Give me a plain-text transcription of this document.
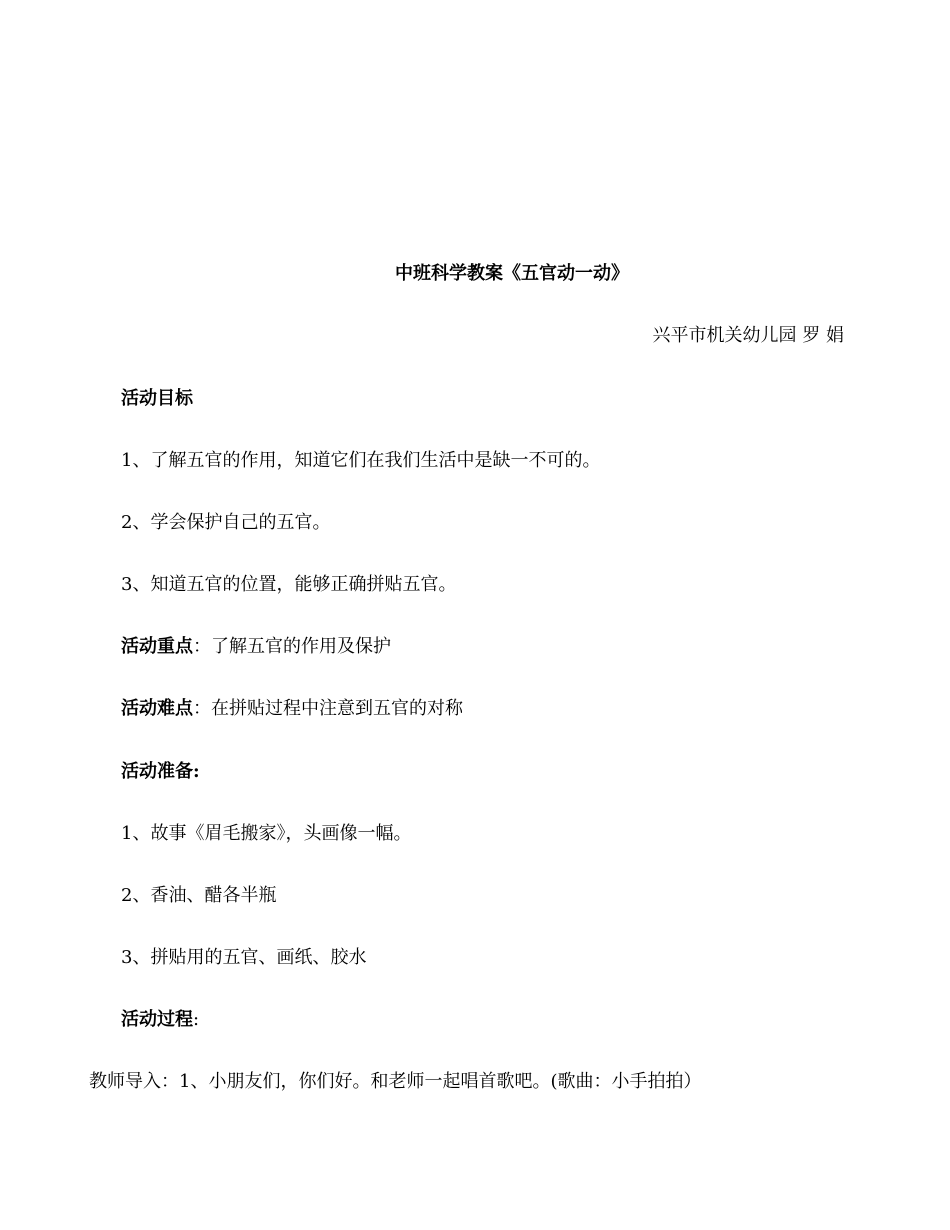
中班科学教案《五官动一动》
兴平市机关幼儿园 罗 娟
活动目标
1、了解五官的作用，知道它们在我们生活中是缺一不可的。
2、学会保护自己的五官。
3、知道五官的位置，能够正确拼贴五官。
活动重点：了解五官的作用及保护
活动难点：在拼贴过程中注意到五官的对称
活动准备:
1、故事《眉毛搬家》，头画像一幅。
2、香油、醋各半瓶
3、拼贴用的五官、画纸、胶水
活动过程:
教师导入：1、小朋友们，你们好。和老师一起唱首歌吧。(歌曲：小手拍拍）
